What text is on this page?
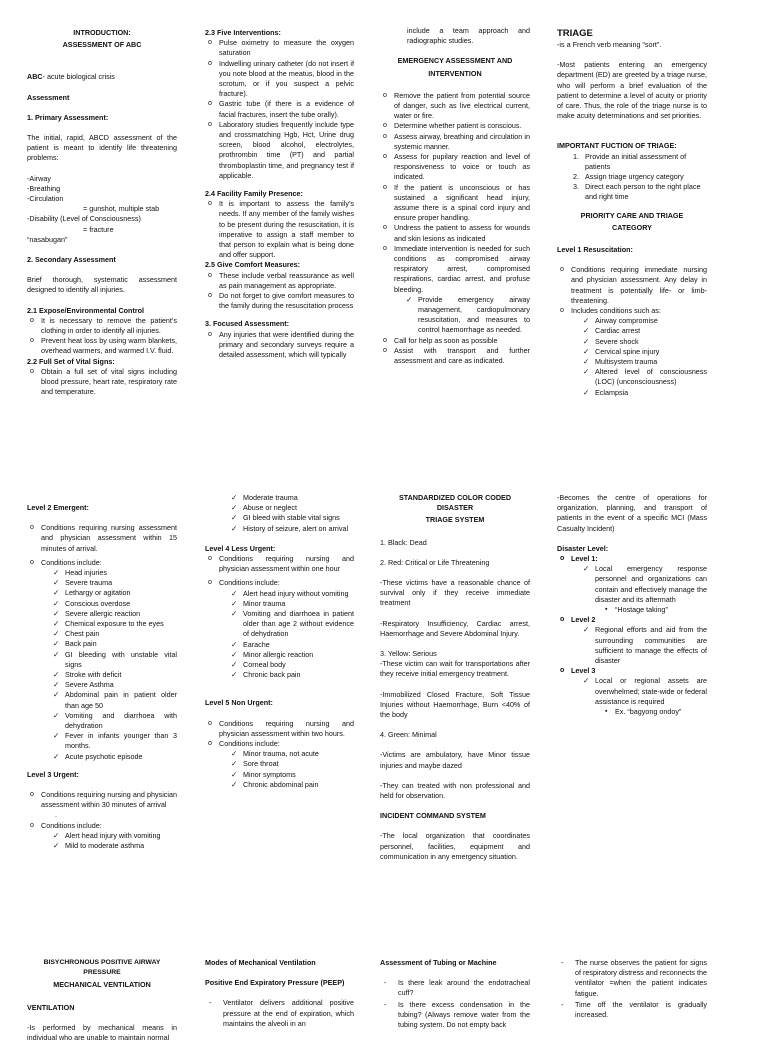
INTRODUCTION:
ASSESSMENT OF ABC

ABC- acute biological crisis

Assessment
1. Primary Assessment:

The initial, rapid, ABCD assessment of the patient is meant to identify life threatening problems:

-Airway
-Breathing
-Circulation
= gunshot, multiple stab
-Disability (Level of Consciousness)
= fracture
“nasabugan”
2. Secondary Assessment

Brief thorough, systematic assessment designed to identify all injuries.

2.1 Expose/Environmental Control
o It is necessary to remove the patient’s clothing in order to identify all injuries.
o Prevent heat loss by using warm blankets, overhead warmers, and warmed I.V. fluid.
2.2 Full Set of Vital Signs:
o Obtain a full set of vital signs including blood pressure, heart rate, respiratory rate and temperature.
2.3 Five Interventions:
o Pulse oximetry to measure the oxygen saturation
o Indwelling urinary catheter (do not insert if you note blood at the meatus, blood in the scrotum, or if you suspect a pelvic fracture).
o Gastric tube (if there is a evidence of facial fractures, insert the tube orally).
o Laboratory studies frequently include type and crossmatching Hgb, Hct, Urine drug screen, blood alcohol, electrolytes, prothrombin time (PT) and partial thromboplastin time, and pregnancy test if applicable.
2.4 Facility Family Presence:
o It is important to assess the family’s needs. If any member of the family wishes to be present during the resuscitation, it is imperative to assign a staff member to that person to explain what is being done and offer support.
2.5 Give Comfort Measures:
o These include verbal reassurance as well as pain management as appropriate.
o Do not forget to give comfort measures to the family during the resuscitation process
3. Focused Assessment:
o Any injuries that were identified during the primary and secondary surveys require a detailed assessment, which will typically

include a team approach and radiographic studies.

EMERGENCY ASSESSMENT AND
INTERVENTION
o Remove the patient from potential source of danger, such as live electrical current, water or fire.
o Determine whether patient is conscious.
o Assess airway, breathing and circulation in systemic manner.
o Assess for pupilary reaction and level of responsiveness to voice or touch as indicated.
o If the patient is unconscious or has sustained a significant head injury, assume there is a spinal cord injury and ensure proper handling.
o Undress the patient to assess for wounds and skin lesions as indicated
o Immediate intervention is needed for such conditions as compromised airway respiratory arrest, compromised respirations, cardiac arrest, and profuse bleeding.
✓ Provide emergency airway management, cardiopulmonary resuscitation, and measures to control haemorrhage as needed.
o Call for help as soon as possible
o Assist with transport and further assessment and care as indicated.
TRIAGE

-is a French verb meaning “sort”.

-Most patients entering an emergency department (ED) are greeted by a triage nurse, who will perform a brief evaluation of the patient to determine a level of acuity or priority of care. Thus, the role of the triage nurse is to make acuity determinations and set priorities.

IMPORTANT FUCTION OF TRIAGE:
1. Provide an initial assessment of patients
2. Assign triage urgency category
3. Direct each person to the right place and right time
PRIORITY CARE AND TRIAGE
CATEGORY
Level 1 Resuscitation:
o Conditions requiring immediate nursing and physician assessment. Any delay in treatment is potentially life- or limb-threatening.
o Includes conditions such as:
✓ Airway compromise
✓ Cardiac arrest
✓ Severe shock
✓ Cervical spine injury
✓ Multisystem trauma
✓ Altered level of consciousness (LOC) (unconsciousness)
✓ Eclampsia
Level 2 Emergent:
o Conditions requiring nursing assessment and physician assessment within 15 minutes of arrival.
o Conditions include:
✓ Head injuries
✓ Severe trauma
✓ Lethargy or agitation
✓ Conscious overdose
✓ Severe allergic reaction
✓ Chemical exposure to the eyes
✓ Chest pain
✓ Back pain
✓ GI bleeding with unstable vital signs
✓ Stroke with deficit
✓ Severe Asthma
✓ Abdominal pain in patient older than age 50
✓ Vomiting and diarrhoea with dehydration
✓ Fever in infants younger than 3 months.
✓ Acute psychotic episode
Level 3 Urgent:
o Conditions requiring nursing and physician assessment within 30 minutes of arrival
.
o Conditions include:
✓ Alert head injury with vomiting
✓ Mild to moderate asthma
✓ Moderate trauma
✓ Abuse or neglect
✓ GI bleed with stable vital signs
✓ History of seizure, alert on arrival
Level 4 Less Urgent:
o Conditions requiring nursing and physician assessment within one hour
o Conditions include:
✓ Alert head injury without vomiting
✓ Minor trauma
✓ Vomiting and diarrhoea in patient older than age 2 without evidence of dehydration
✓ Earache
✓ Minor allergic reaction
✓ Corneal body
✓ Chronic back pain
Level 5 Non Urgent:
o Conditions requiring nursing and physician assessment within two hours.
o Conditions include:
✓ Minor trauma, not acute
✓ Sore throat
✓ Minor symptoms
✓ Chronic abdominal pain
STANDARDIZED COLOR CODED DISASTER
TRIAGE SYSTEM

1. Black: Dead

2. Red: Critical or Life Threatening

-These victims have a reasonable chance of survival only if they receive immediate treatment

-Respiratory Insufficiency, Cardiac arrest, Haemorrhage and Severe Abdominal Injury.

3. Yellow: Serious

-These victim can wait for transportations after they receive initial emergency treatment.

-Immobilized Closed Fracture, Soft Tissue Injuries without Haemorrhage, Burn <40% of the body

4. Green: Minimal

-Victims are ambulatory, have Minor tissue injuries and maybe dazed

-They can treated with non professional and held for observation.

INCIDENT COMMAND SYSTEM

-The local organization that coordinates personnel, facilities, equipment and communication in any emergency situation.

-Becomes the centre of operations for organization, planning, and transport of patients in the event of a specific MCI (Mass Casualty Incident)

Disaster Level:
o Level 1:
✓ Local emergency response personnel and organizations can contain and effectively manage the disaster and its aftermath
▪ “Hostage taking”
o Level 2
✓ Regional efforts and aid from the surrounding communities are sufficient to manage the effects of disaster
o Level 3
✓ Local or regional assets are overwhelmed; state-wide or federal assistance is required
▪ Ex. “bagyong ondoy”
BISYCHRONOUS POSITIVE AIRWAY PRESSURE
MECHANICAL VENTILATION
VENTILATION

-Is performed by mechanical means in individual who are unable to maintain normal

Modes of Mechanical Ventilation
Positive End Expiratory Pressure (PEEP)
- Ventilator delivers additional positive pressure at the end of expiration, which maintains the alveoli in an
Assessment of Tubing or Machine
- Is there leak around the endotracheal cuff?
- Is there excess condensation in the tubing? (Always remove water from the tubing system. Do not empty back
- The nurse observes the patient for signs of respiratory distress and reconnects the ventilator =when the patient indicates fatigue.
- Time off the ventilator is gradually increased.
